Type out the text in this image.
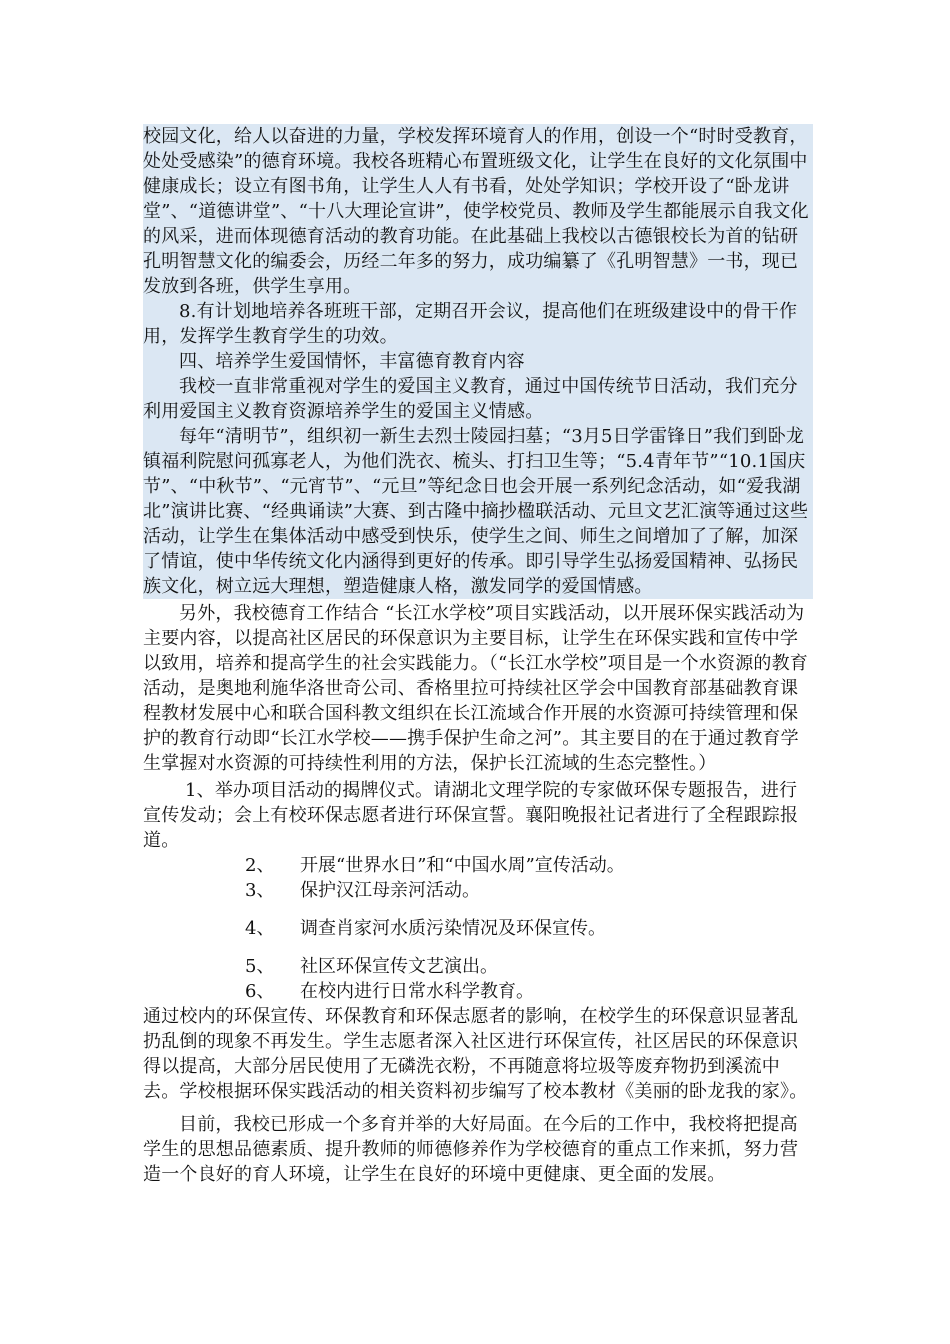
校园文化，给人以奋进的力量，学校发挥环境育人的作用，创设一个“时时受教育，处处受感染”的德育环境。我校各班精心布置班级文化，让学生在良好的文化氛围中健康成长；设立有图书角，让学生人人有书看，处处学知识；学校开设了“卧龙讲堂”、“道德讲堂”、“十八大理论宣讲”，使学校党员、教师及学生都能展示自我文化的风采，进而体现德育活动的教育功能。在此基础上我校以古德银校长为首的钻研孔明智慧文化的编委会，历经二年多的努力，成功编纂了《孔明智慧》一书，现已发放到各班，供学生享用。

8.有计划地培养各班班干部，定期召开会议，提高他们在班级建设中的骨干作用，发挥学生教育学生的功效。

四、培养学生爱国情怀，丰富德育教育内容

我校一直非常重视对学生的爱国主义教育，通过中国传统节日活动，我们充分利用爱国主义教育资源培养学生的爱国主义情感。

每年“清明节”，组织初一新生去烈士陵园扫墓；“3月5日学雷锋日”我们到卧龙镇福利院慰问孤寡老人，为他们洗衣、梳头、打扫卫生等；“5.4青年节”“10.1国庆节”、“中秋节”、“元宵节”、“元旦”等纪念日也会开展一系列纪念活动，如“爱我湖北”演讲比赛、“经典诵读”大赛、到古隆中摘抄楹联活动、元旦文艺汇演等通过这些活动，让学生在集体活动中感受到快乐，使学生之间、师生之间增加了了解，加深了情谊，使中华传统文化内涵得到更好的传承。即引导学生弘扬爱国精神、弘扬民族文化，树立远大理想，塑造健康人格，激发同学的爱国情感。

另外，我校德育工作结合 “长江水学校”项目实践活动，以开展环保实践活动为主要内容，以提高社区居民的环保意识为主要目标，让学生在环保实践和宣传中学以致用，培养和提高学生的社会实践能力。（“长江水学校”项目是一个水资源的教育活动，是奥地利施华洛世奇公司、香格里拉可持续社区学会中国教育部基础教育课程教材发展中心和联合国科教文组织在长江流域合作开展的水资源可持续管理和保护的教育行动即“长江水学校——携手保护生命之河”。其主要目的在于通过教育学生掌握对水资源的可持续性利用的方法，保护长江流域的生态完整性。）

1、举办项目活动的揭牌仪式。请湖北文理学院的专家做环保专题报告，进行宣传发动；会上有校环保志愿者进行环保宣誓。襄阳晚报社记者进行了全程跟踪报道。

2、	开展“世界水日”和“中国水周”宣传活动。
3、	保护汉江母亲河活动。
4、	调查肖家河水质污染情况及环保宣传。
5、	社区环保宣传文艺演出。
6、	在校内进行日常水科学教育。

通过校内的环保宣传、环保教育和环保志愿者的影响，在校学生的环保意识显著乱扔乱倒的现象不再发生。学生志愿者深入社区进行环保宣传，社区居民的环保意识得以提高，大部分居民使用了无磷洗衣粉，不再随意将垃圾等废弃物扔到溪流中去。学校根据环保实践活动的相关资料初步编写了校本教材《美丽的卧龙我的家》。

目前，我校已形成一个多育并举的大好局面。在今后的工作中，我校将把提高学生的思想品德素质、提升教师的师德修养作为学校德育的重点工作来抓，努力营造一个良好的育人环境，让学生在良好的环境中更健康、更全面的发展。
